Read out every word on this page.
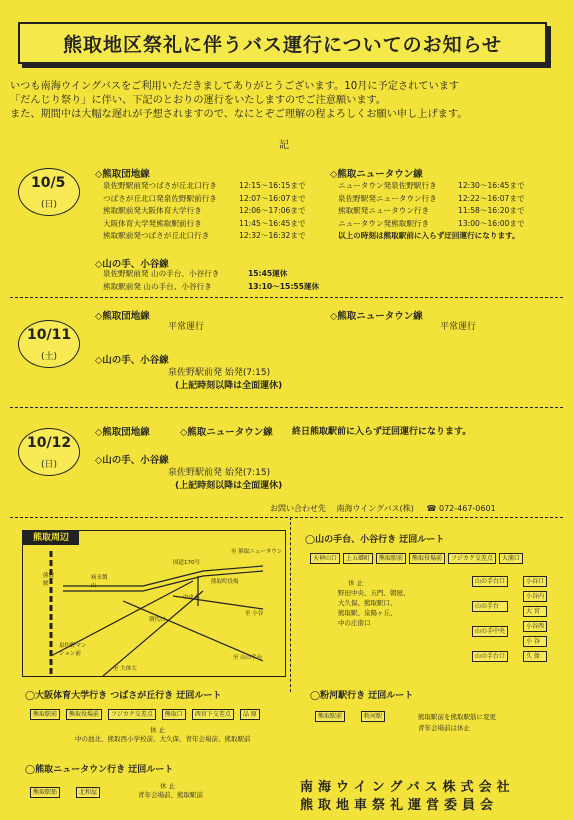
熊取地区祭礼に伴うバス運行についてのお知らせ
いつも南海ウイングバスをご利用いただきましてありがとうございます。10月に予定されています
「だんじり祭り」に伴い、下記のとおりの運行をいたしますのでご注意願います。
また、期間中は大幅な遅れが予想されますので、なにとぞご理解の程よろしくお願い申し上げます。
記
10/5
(日)
◇熊取団地線
泉佐野駅前発つばさが丘北口行き	12:15〜16:15まで
つばさが丘北口発泉佐野駅前行き	12:07〜16:07まで
熊取駅前発大阪体育大学行き	12:06〜17:06まで
大阪体育大学発熊取駅前行き	11:45〜16:45まで
熊取駅前発つばさが丘北口行き	12:32〜16:32まで
◇熊取ニュータウン線
ニュータウン発泉佐野駅行き	12:30〜16:45まで
泉佐野駅発ニュータウン行き	12:22〜16:07まで
熊取駅発ニュータウン行き	11:58〜16:20まで
ニュータウン発熊取駅行き	13:00〜16:00まで
以上の時刻は熊取駅前に入らず迂回運行になります。
◇山の手、小谷線
泉佐野駅前発 山の手台、小谷行き	15:45運休
熊取駅前発 山の手台、小谷行き	13:10〜15:55運休
10/11
(土)
◇熊取団地線
平常運行
◇熊取ニュータウン線
平常運行
◇山の手、小谷線
泉佐野駅前発 始発(7:15)
(上記時刻以降は全面運休)
10/12
(日)
◇熊取団地線	◇熊取ニュータウン線 終日熊取駅前に入らず迂回運行になります。
◇山の手、小谷線
泉佐野駅前発 始発(7:15)
(上記時刻以降は全面運休)
お問い合わせ先 南海ウイングバス(株) ☎ 072-467-0601
熊取周辺
国道170号
至 熊取ニュータウン
熊取町役場
熊取駅
中央小
朝代口
至 小谷
至 大体大
泉佐野マンション前
至 山の手台
病永製山
◯山の手台、小谷行き 迂回ルート
天神山口	上五郷町	熊取駅前	熊取役場前	フジカク交差点	大浦口
休 止
野田中央、五門、朝屋、
大久保、熊取駅口、
熊取駅、泉陽ヶ丘、
中の庄南口
山の手台口
山の手台
山の手中央
山の手台口
小谷口
小谷内
大 宮
小谷西
小 谷
久 保
◯大阪体育大学行き つばさが丘行き 迂回ルート
熊取駅前	熊取役場前	フジカク交差点	熊取口	西宮下交差点	品 原
休 止
中の池北、熊取西小学校前、大久保、青年会場前、熊取駅前
◯粉河駅行き 迂回ルート
熊取駅前	粉河駅	熊取駅前を熊取駅筋に変更
青年会場前は休止
◯熊取ニュータウン行き 迂回ルート
熊取駅筋	北和屋
休 止
青年会場前、熊取駅前	南海ウイングバス株式会社
熊取地車祭礼運営委員会
